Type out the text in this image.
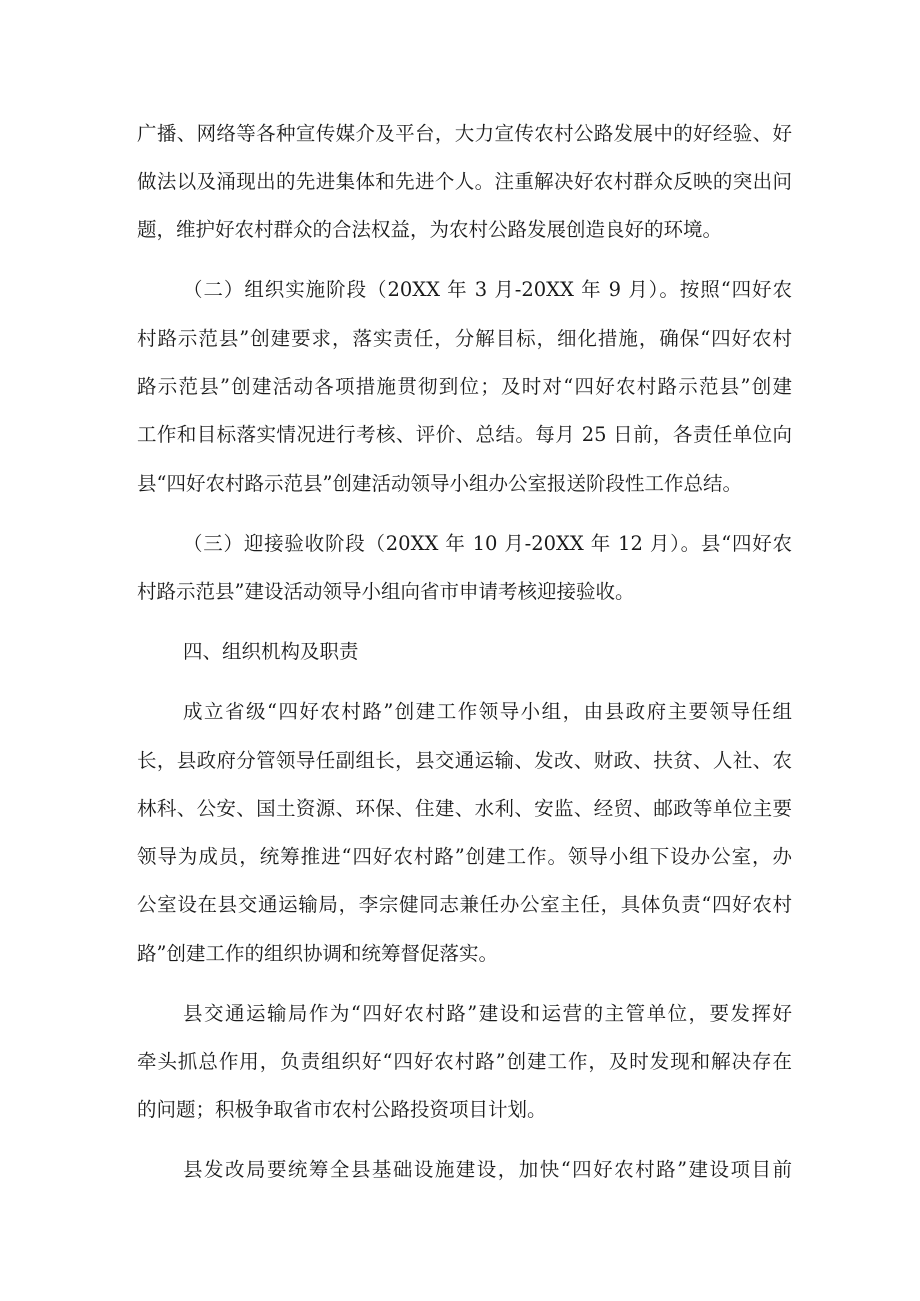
广播、网络等各种宣传媒介及平台，大力宣传农村公路发展中的好经验、好
做法以及涌现出的先进集体和先进个人。注重解决好农村群众反映的突出问
题，维护好农村群众的合法权益，为农村公路发展创造良好的环境。
（二）组织实施阶段（20XX 年 3 月-20XX 年 9 月）。按照“四好农
村路示范县”创建要求，落实责任，分解目标，细化措施，确保“四好农村
路示范县”创建活动各项措施贯彻到位；及时对“四好农村路示范县”创建
工作和目标落实情况进行考核、评价、总结。每月 25 日前，各责任单位向
县“四好农村路示范县”创建活动领导小组办公室报送阶段性工作总结。
（三）迎接验收阶段（20XX 年 10 月-20XX 年 12 月）。县“四好农
村路示范县”建设活动领导小组向省市申请考核迎接验收。
四、组织机构及职责
成立省级“四好农村路”创建工作领导小组，由县政府主要领导任组
长，县政府分管领导任副组长，县交通运输、发改、财政、扶贫、人社、农
林科、公安、国土资源、环保、住建、水利、安监、经贸、邮政等单位主要
领导为成员，统筹推进“四好农村路”创建工作。领导小组下设办公室，办
公室设在县交通运输局，李宗健同志兼任办公室主任，具体负责“四好农村
路”创建工作的组织协调和统筹督促落实。
县交通运输局作为“四好农村路”建设和运营的主管单位，要发挥好
牵头抓总作用，负责组织好“四好农村路”创建工作，及时发现和解决存在
的问题；积极争取省市农村公路投资项目计划。
县发改局要统筹全县基础设施建设，加快“四好农村路”建设项目前
